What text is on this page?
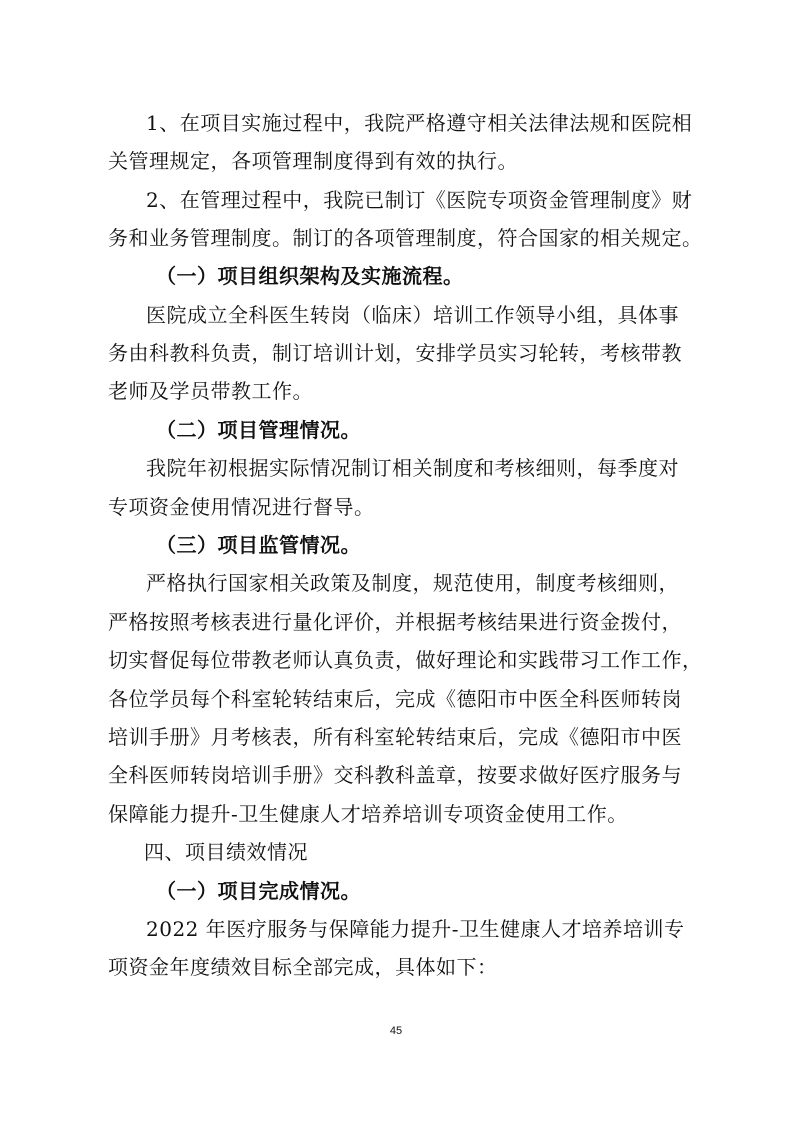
1、在项目实施过程中，我院严格遵守相关法律法规和医院相
关管理规定，各项管理制度得到有效的执行。
2、在管理过程中，我院已制订《医院专项资金管理制度》财
务和业务管理制度。制订的各项管理制度，符合国家的相关规定。
（一）项目组织架构及实施流程。
医院成立全科医生转岗（临床）培训工作领导小组，具体事
务由科教科负责，制订培训计划，安排学员实习轮转，考核带教
老师及学员带教工作。
（二）项目管理情况。
我院年初根据实际情况制订相关制度和考核细则，每季度对
专项资金使用情况进行督导。
（三）项目监管情况。
严格执行国家相关政策及制度，规范使用，制度考核细则，
严格按照考核表进行量化评价，并根据考核结果进行资金拨付，
切实督促每位带教老师认真负责，做好理论和实践带习工作工作，
各位学员每个科室轮转结束后，完成《德阳市中医全科医师转岗
培训手册》月考核表，所有科室轮转结束后，完成《德阳市中医
全科医师转岗培训手册》交科教科盖章，按要求做好医疗服务与
保障能力提升-卫生健康人才培养培训专项资金使用工作。
四、项目绩效情况
（一）项目完成情况。
2022 年医疗服务与保障能力提升-卫生健康人才培养培训专
项资金年度绩效目标全部完成，具体如下：
45
